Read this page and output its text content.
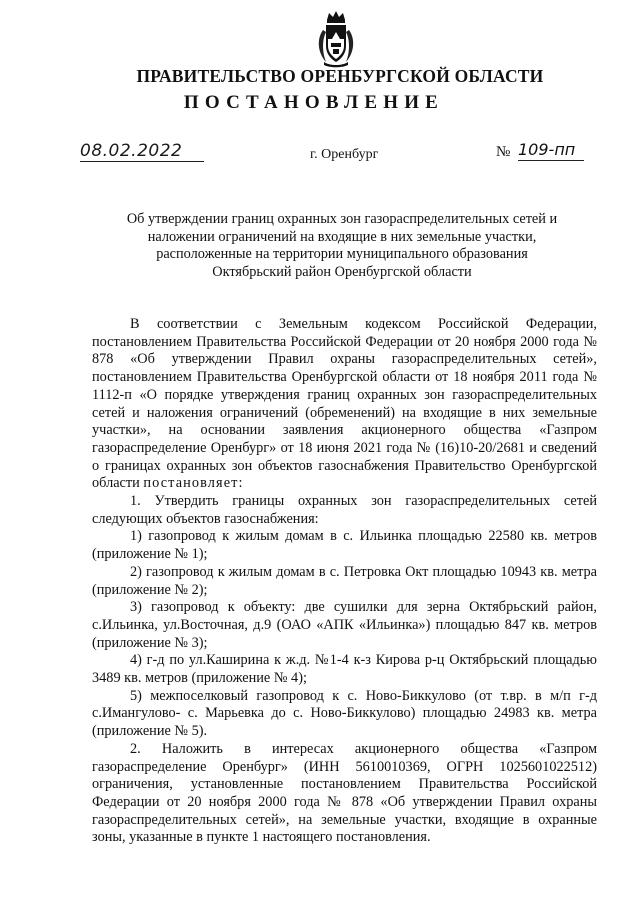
ПРАВИТЕЛЬСТВО ОРЕНБУРГСКОЙ ОБЛАСТИ
ПОСТАНОВЛЕНИЕ
08.02.2022	г. Оренбург	№ 109-пп
Об утверждении границ охранных зон газораспределительных сетей и
наложении ограничений на входящие в них земельные участки,
расположенные на территории муниципального образования
Октябрьский район Оренбургской области

В соответствии с Земельным кодексом Российской Федерации, постановлением Правительства Российской Федерации от 20 ноября 2000 года № 878 «Об утверждении Правил охраны газораспределительных сетей», постановлением Правительства Оренбургской области от 18 ноября 2011 года № 1112-п «О порядке утверждения границ охранных зон газораспределительных сетей и наложения ограничений (обременений) на входящие в них земельные участки», на основании заявления акционерного общества «Газпром газораспределение Оренбург» от 18 июня 2021 года № (16)10-20/2681 и сведений о границах охранных зон объектов газоснабжения Правительство Оренбургской области постановляет:

1. Утвердить границы охранных зон газораспределительных сетей следующих объектов газоснабжения:

1) газопровод к жилым домам в с. Ильинка площадью 22580 кв. метров (приложение № 1);

2) газопровод к жилым домам в с. Петровка Окт площадью 10943 кв. метра (приложение № 2);

3) газопровод к объекту: две сушилки для зерна Октябрьский район, с.Ильинка, ул.Восточная, д.9 (ОАО «АПК «Ильинка») площадью 847 кв. метров (приложение № 3);

4) г-д по ул.Каширина к ж.д. №1-4 к-з Кирова р-ц Октябрьский площадью 3489 кв. метров (приложение № 4);

5) межпоселковый газопровод к с. Ново-Биккулово (от т.вр. в м/п г-д с.Имангулово- с. Марьевка до с. Ново-Биккулово) площадью 24983 кв. метра (приложение № 5).

2. Наложить в интересах акционерного общества «Газпром газораспределение Оренбург» (ИНН 5610010369, ОГРН 1025601022512) ограничения, установленные постановлением Правительства Российской Федерации от 20 ноября 2000 года № 878 «Об утверждении Правил охраны газораспределительных сетей», на земельные участки, входящие в охранные зоны, указанные в пункте 1 настоящего постановления.
